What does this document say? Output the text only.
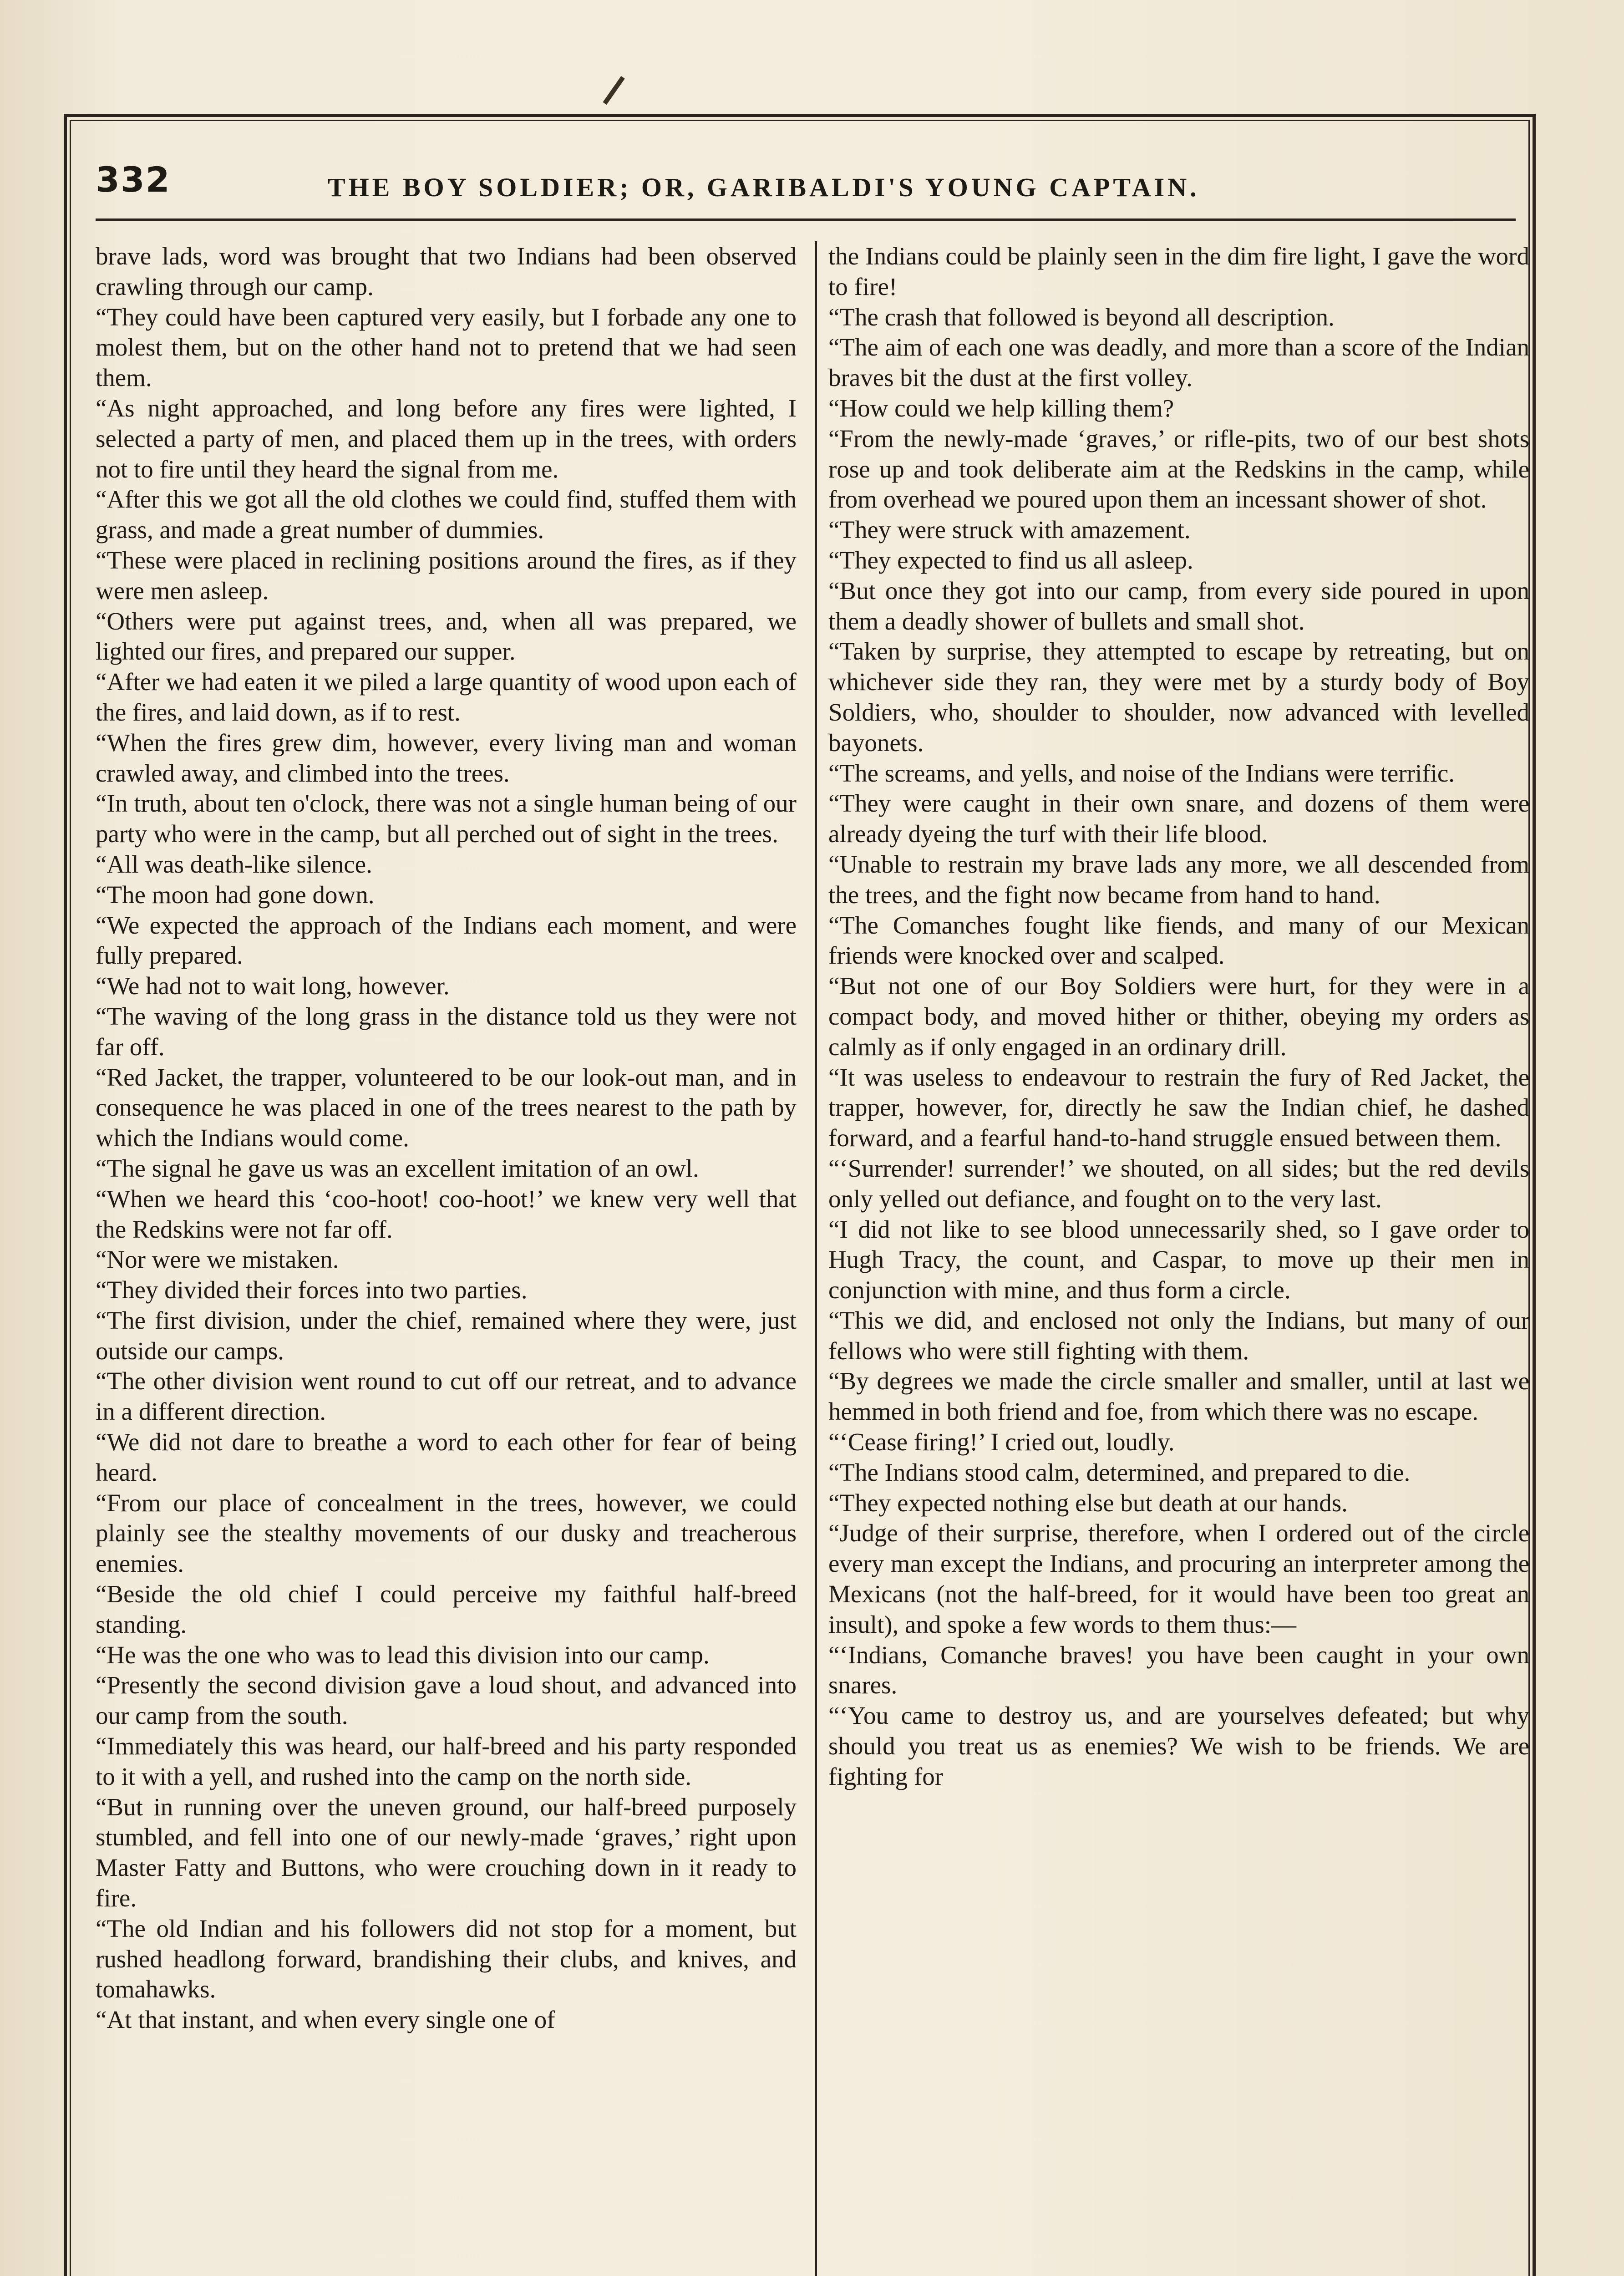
332	THE BOY SOLDIER; OR, GARIBALDI'S YOUNG CAPTAIN.

brave lads, word was brought that two Indians had been observed crawling through our camp.

“They could have been captured very easily, but I forbade any one to molest them, but on the other hand not to pretend that we had seen them.

“As night approached, and long before any fires were lighted, I selected a party of men, and placed them up in the trees, with orders not to fire until they heard the signal from me.

“After this we got all the old clothes we could find, stuffed them with grass, and made a great number of dummies.

“These were placed in reclining positions around the fires, as if they were men asleep.

“Others were put against trees, and, when all was prepared, we lighted our fires, and prepared our supper.

“After we had eaten it we piled a large quantity of wood upon each of the fires, and laid down, as if to rest.

“When the fires grew dim, however, every living man and woman crawled away, and climbed into the trees.

“In truth, about ten o'clock, there was not a single human being of our party who were in the camp, but all perched out of sight in the trees.

“All was death-like silence.

“The moon had gone down.

“We expected the approach of the Indians each moment, and were fully prepared.

“We had not to wait long, however.

“The waving of the long grass in the distance told us they were not far off.

“Red Jacket, the trapper, volunteered to be our look-out man, and in consequence he was placed in one of the trees nearest to the path by which the Indians would come.

“The signal he gave us was an excellent imitation of an owl.

“When we heard this ‘coo-hoot! coo-hoot!’ we knew very well that the Redskins were not far off.

“Nor were we mistaken.

“They divided their forces into two parties.

“The first division, under the chief, remained where they were, just outside our camps.

“The other division went round to cut off our retreat, and to advance in a different direction.

“We did not dare to breathe a word to each other for fear of being heard.

“From our place of concealment in the trees, however, we could plainly see the stealthy movements of our dusky and treacherous enemies.

“Beside the old chief I could perceive my faithful half-breed standing.

“He was the one who was to lead this division into our camp.

“Presently the second division gave a loud shout, and advanced into our camp from the south.

“Immediately this was heard, our half-breed and his party responded to it with a yell, and rushed into the camp on the north side.

“But in running over the uneven ground, our half-breed purposely stumbled, and fell into one of our newly-made ‘graves,’ right upon Master Fatty and Buttons, who were crouching down in it ready to fire.

“The old Indian and his followers did not stop for a moment, but rushed headlong forward, brandishing their clubs, and knives, and tomahawks.

“At that instant, and when every single one of

the Indians could be plainly seen in the dim fire light, I gave the word to fire!

“The crash that followed is beyond all description.

“The aim of each one was deadly, and more than a score of the Indian braves bit the dust at the first volley.

“How could we help killing them?

“From the newly-made ‘graves,’ or rifle-pits, two of our best shots rose up and took deliberate aim at the Redskins in the camp, while from overhead we poured upon them an incessant shower of shot.

“They were struck with amazement.

“They expected to find us all asleep.

“But once they got into our camp, from every side poured in upon them a deadly shower of bullets and small shot.

“Taken by surprise, they attempted to escape by retreating, but on whichever side they ran, they were met by a sturdy body of Boy Soldiers, who, shoulder to shoulder, now advanced with levelled bayonets.

“The screams, and yells, and noise of the Indians were terrific.

“They were caught in their own snare, and dozens of them were already dyeing the turf with their life blood.

“Unable to restrain my brave lads any more, we all descended from the trees, and the fight now became from hand to hand.

“The Comanches fought like fiends, and many of our Mexican friends were knocked over and scalped.

“But not one of our Boy Soldiers were hurt, for they were in a compact body, and moved hither or thither, obeying my orders as calmly as if only engaged in an ordinary drill.

“It was useless to endeavour to restrain the fury of Red Jacket, the trapper, however, for, directly he saw the Indian chief, he dashed forward, and a fearful hand-to-hand struggle ensued between them.

“‘Surrender! surrender!’ we shouted, on all sides; but the red devils only yelled out defiance, and fought on to the very last.

“I did not like to see blood unnecessarily shed, so I gave order to Hugh Tracy, the count, and Caspar, to move up their men in conjunction with mine, and thus form a circle.

“This we did, and enclosed not only the Indians, but many of our fellows who were still fighting with them.

“By degrees we made the circle smaller and smaller, until at last we hemmed in both friend and foe, from which there was no escape.

“‘Cease firing!’ I cried out, loudly.

“The Indians stood calm, determined, and prepared to die.

“They expected nothing else but death at our hands.

“Judge of their surprise, therefore, when I ordered out of the circle every man except the Indians, and procuring an interpreter among the Mexicans (not the half-breed, for it would have been too great an insult), and spoke a few words to them thus:—

“‘Indians, Comanche braves! you have been caught in your own snares.

“‘You came to destroy us, and are yourselves defeated; but why should you treat us as enemies? We wish to be friends. We are fighting for
